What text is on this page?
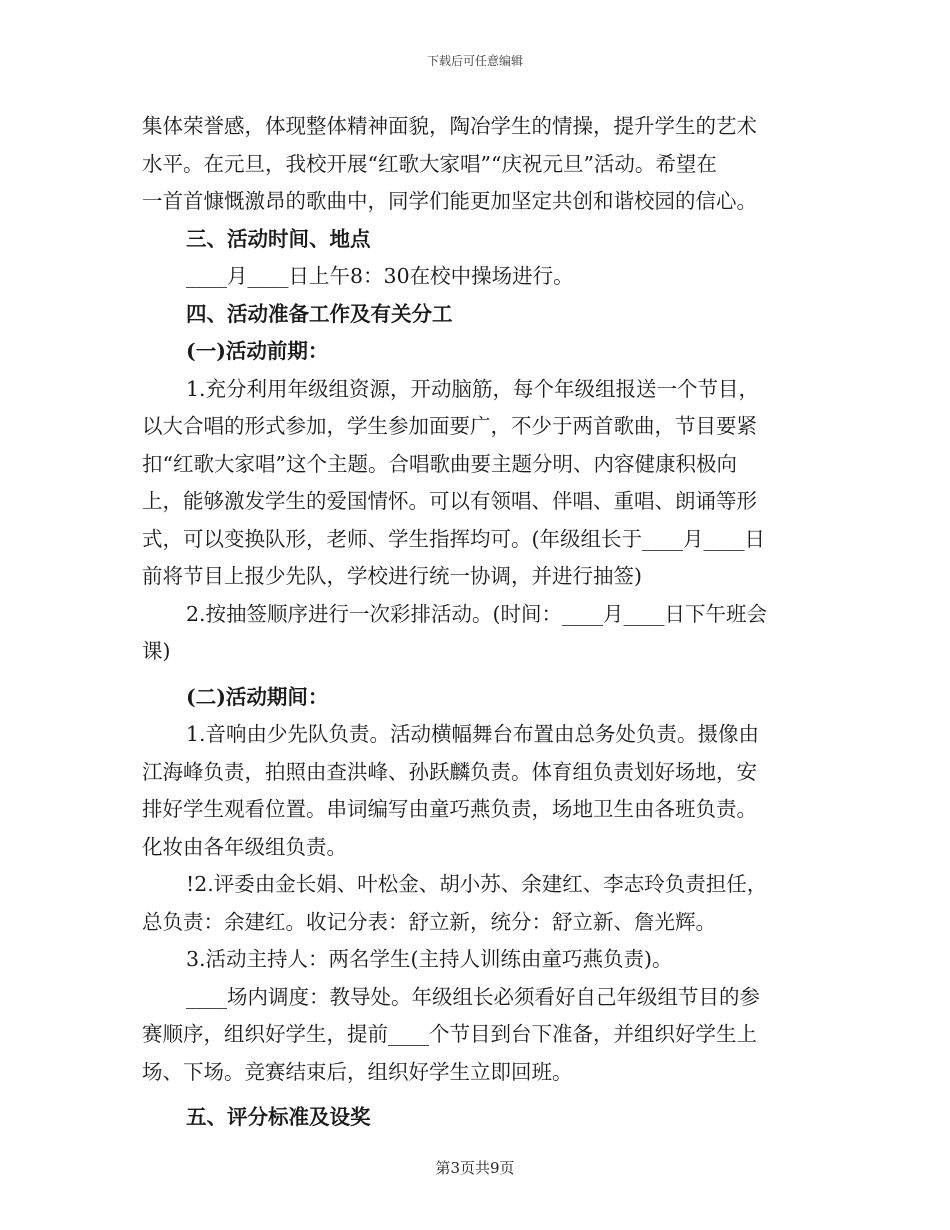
下载后可任意编辑
集体荣誉感，体现整体精神面貌，陶冶学生的情操，提升学生的艺术
水平。在元旦，我校开展“红歌大家唱”“庆祝元旦”活动。希望在
一首首慷慨激昂的歌曲中，同学们能更加坚定共创和谐校园的信心。
三、活动时间、地点
____月____日上午8：30在校中操场进行。
四、活动准备工作及有关分工
(一)活动前期：
1.充分利用年级组资源，开动脑筋，每个年级组报送一个节目，
以大合唱的形式参加，学生参加面要广，不少于两首歌曲，节目要紧
扣“红歌大家唱”这个主题。合唱歌曲要主题分明、内容健康积极向
上，能够激发学生的爱国情怀。可以有领唱、伴唱、重唱、朗诵等形
式，可以变换队形，老师、学生指挥均可。(年级组长于____月____日
前将节目上报少先队，学校进行统一协调，并进行抽签)
2.按抽签顺序进行一次彩排活动。(时间：____月____日下午班会
课)
(二)活动期间：
1.音响由少先队负责。活动横幅舞台布置由总务处负责。摄像由
江海峰负责，拍照由查洪峰、孙跃麟负责。体育组负责划好场地，安
排好学生观看位置。串词编写由童巧燕负责，场地卫生由各班负责。
化妆由各年级组负责。
!2.评委由金长娟、叶松金、胡小苏、余建红、李志玲负责担任，
总负责：余建红。收记分表：舒立新，统分：舒立新、詹光辉。
3.活动主持人：两名学生(主持人训练由童巧燕负责)。
____场内调度：教导处。年级组长必须看好自己年级组节目的参
赛顺序，组织好学生，提前____个节目到台下准备，并组织好学生上
场、下场。竞赛结束后，组织好学生立即回班。
五、评分标准及设奖
第3页共9页
